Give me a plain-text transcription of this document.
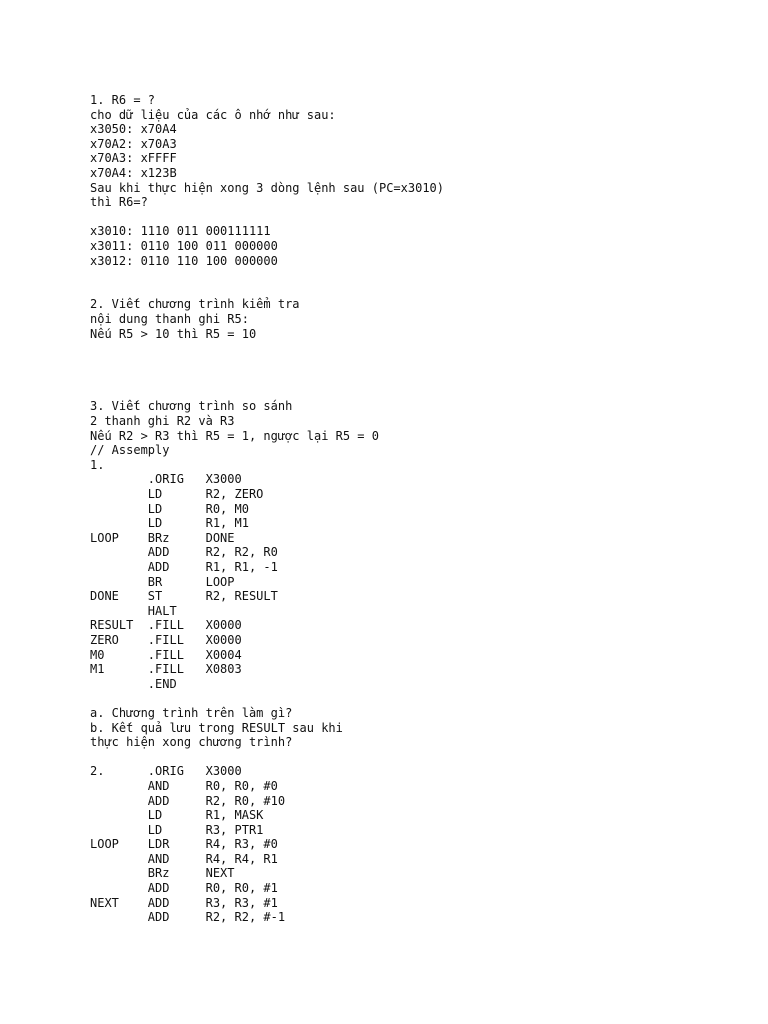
1. R6 = ?
cho dữ liệu của các ô nhớ như sau:
x3050: x70A4
x70A2: x70A3
x70A3: xFFFF
x70A4: x123B
Sau khi thực hiện xong 3 dòng lệnh sau (PC=x3010)
thì R6=?
x3010: 1110 011 000111111
x3011: 0110 100 011 000000
x3012: 0110 110 100 000000
2. Viết chương trình kiểm tra
nội dung thanh ghi R5:
Nếu R5 > 10 thì R5 = 10
3. Viết chương trình so sánh
2 thanh ghi R2 và R3
Nếu R2 > R3 thì R5 = 1, ngược lại R5 = 0
// Assemply
1.
.ORIG   X3000
LD      R2, ZERO
LD      R0, M0
LD      R1, M1
LOOP    BRz     DONE
ADD     R2, R2, R0
ADD     R1, R1, -1
BR      LOOP
DONE    ST      R2, RESULT
HALT
RESULT  .FILL   X0000
ZERO    .FILL   X0000
M0      .FILL   X0004
M1      .FILL   X0803
.END
a. Chương trình trên làm gì?
b. Kết quả lưu trong RESULT sau khi
thực hiện xong chương trình?
2.      .ORIG   X3000
AND     R0, R0, #0
ADD     R2, R0, #10
LD      R1, MASK
LD      R3, PTR1
LOOP    LDR     R4, R3, #0
AND     R4, R4, R1
BRz     NEXT
ADD     R0, R0, #1
NEXT    ADD     R3, R3, #1
ADD     R2, R2, #-1
